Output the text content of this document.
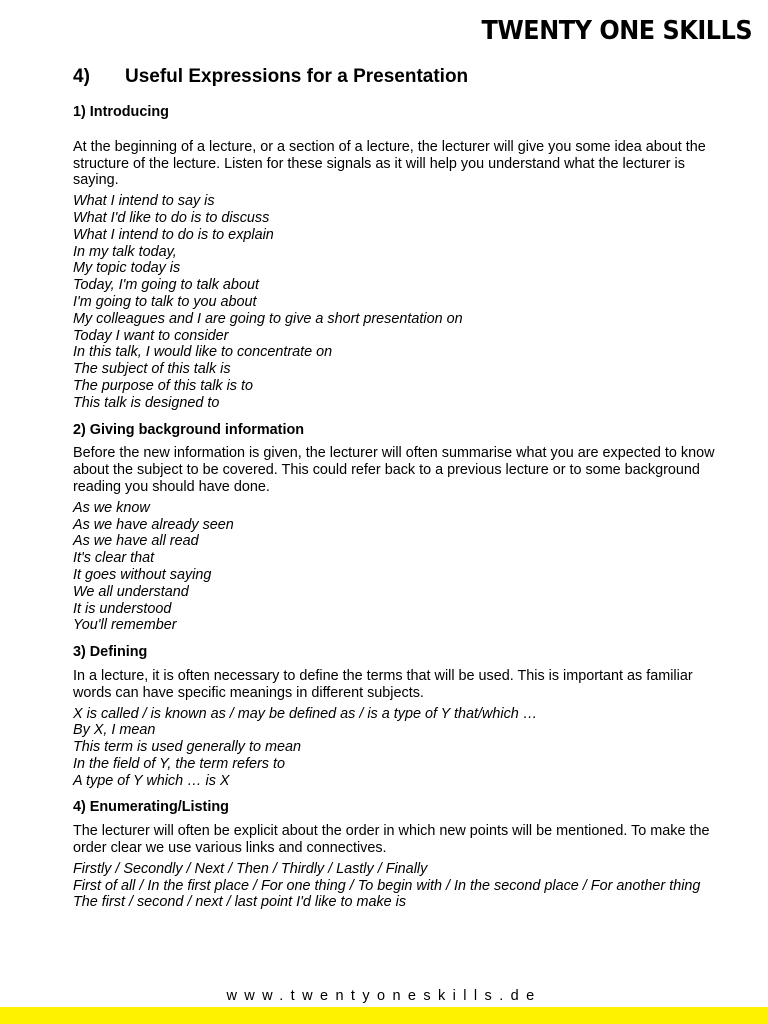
TWENTY ONE SKILLS
4) Useful Expressions for a Presentation

1) Introducing

At the beginning of a lecture, or a section of a lecture, the lecturer will give you some idea about the structure of the lecture. Listen for these signals as it will help you understand what the lecturer is saying.

What I intend to say is
What I'd like to do is to discuss
What I intend to do is to explain
In my talk today,
My topic today is
Today, I'm going to talk about
I'm going to talk to you about
My colleagues and I are going to give a short presentation on
Today I want to consider
In this talk, I would like to concentrate on
The subject of this talk is
The purpose of this talk is to
This talk is designed to

2) Giving background information

Before the new information is given, the lecturer will often summarise what you are expected to know about the subject to be covered. This could refer back to a previous lecture or to some background reading you should have done.

As we know
As we have already seen
As we have all read
It's clear that
It goes without saying
We all understand
It is understood
You'll remember

3) Defining

In a lecture, it is often necessary to define the terms that will be used. This is important as familiar words can have specific meanings in different subjects.

X is called / is known as / may be defined as / is a type of Y that/which …
By X, I mean
This term is used generally to mean
In the field of Y, the term refers to
A type of Y which … is X

4) Enumerating/Listing

The lecturer will often be explicit about the order in which new points will be mentioned. To make the order clear we use various links and connectives.

Firstly / Secondly / Next / Then / Thirdly / Lastly / Finally
First of all / In the first place / For one thing / To begin with / In the second place / For another thing
The first / second / next / last point I'd like to make is
www.twentyoneskills.de
